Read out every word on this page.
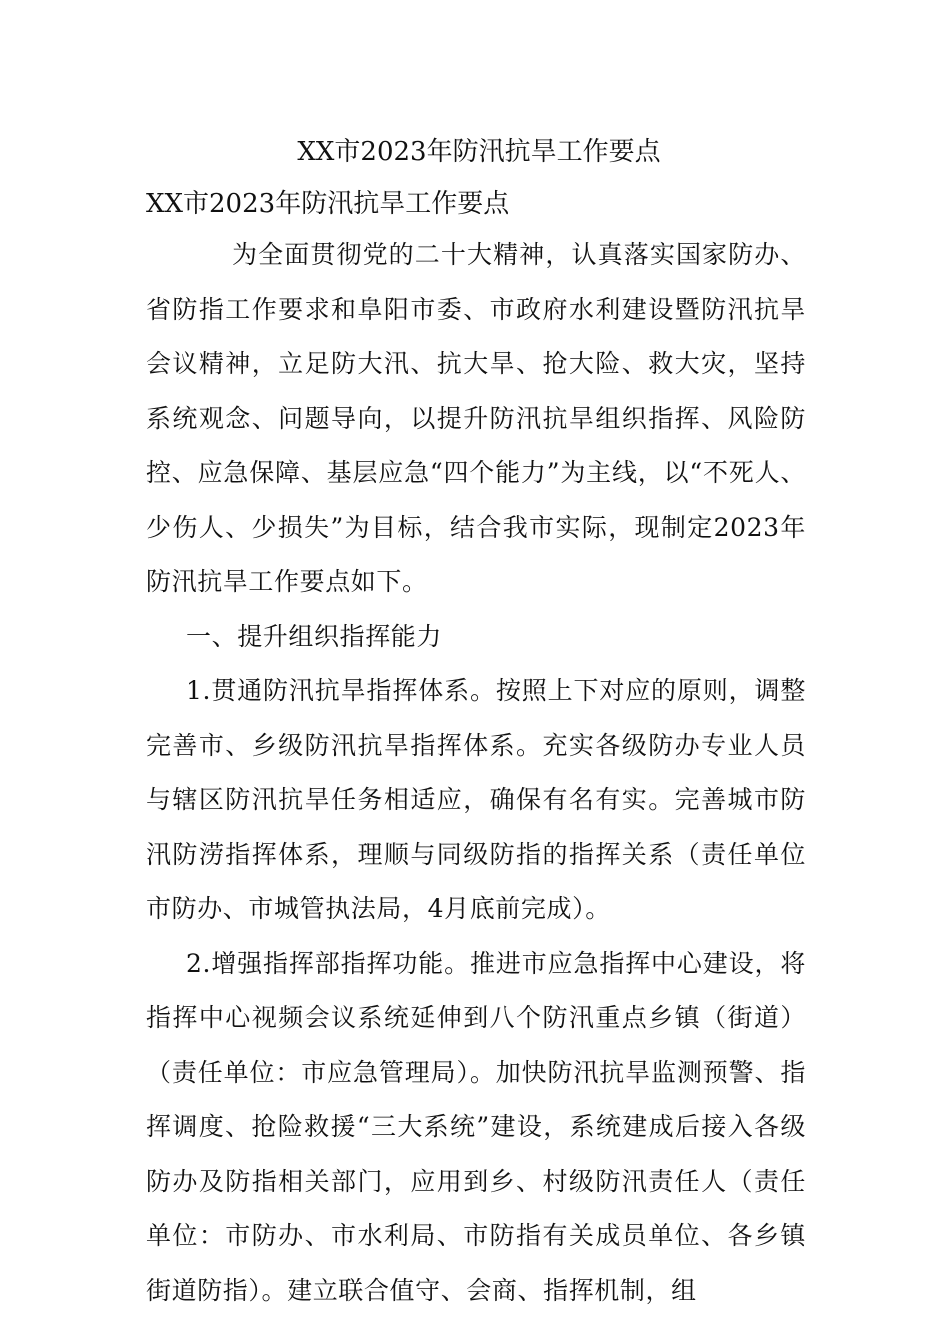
XX市2023年防汛抗旱工作要点
XX市2023年防汛抗旱工作要点

为全面贯彻党的二十大精神，认真落实国家防办、省防指工作要求和阜阳市委、市政府水利建设暨防汛抗旱会议精神，立足防大汛、抗大旱、抢大险、救大灾，坚持系统观念、问题导向，以提升防汛抗旱组织指挥、风险防控、应急保障、基层应急“四个能力”为主线，以“不死人、少伤人、少损失”为目标，结合我市实际，现制定2023年防汛抗旱工作要点如下。

一、提升组织指挥能力

1.贯通防汛抗旱指挥体系。按照上下对应的原则，调整完善市、乡级防汛抗旱指挥体系。充实各级防办专业人员与辖区防汛抗旱任务相适应，确保有名有实。完善城市防汛防涝指挥体系，理顺与同级防指的指挥关系（责任单位市防办、市城管执法局，4月底前完成）。

2.增强指挥部指挥功能。推进市应急指挥中心建设，将指挥中心视频会议系统延伸到八个防汛重点乡镇（街道）（责任单位：市应急管理局）。加快防汛抗旱监测预警、指挥调度、抢险救援“三大系统”建设，系统建成后接入各级防办及防指相关部门，应用到乡、村级防汛责任人（责任单位：市防办、市水利局、市防指有关成员单位、各乡镇街道防指）。建立联合值守、会商、指挥机制，组
